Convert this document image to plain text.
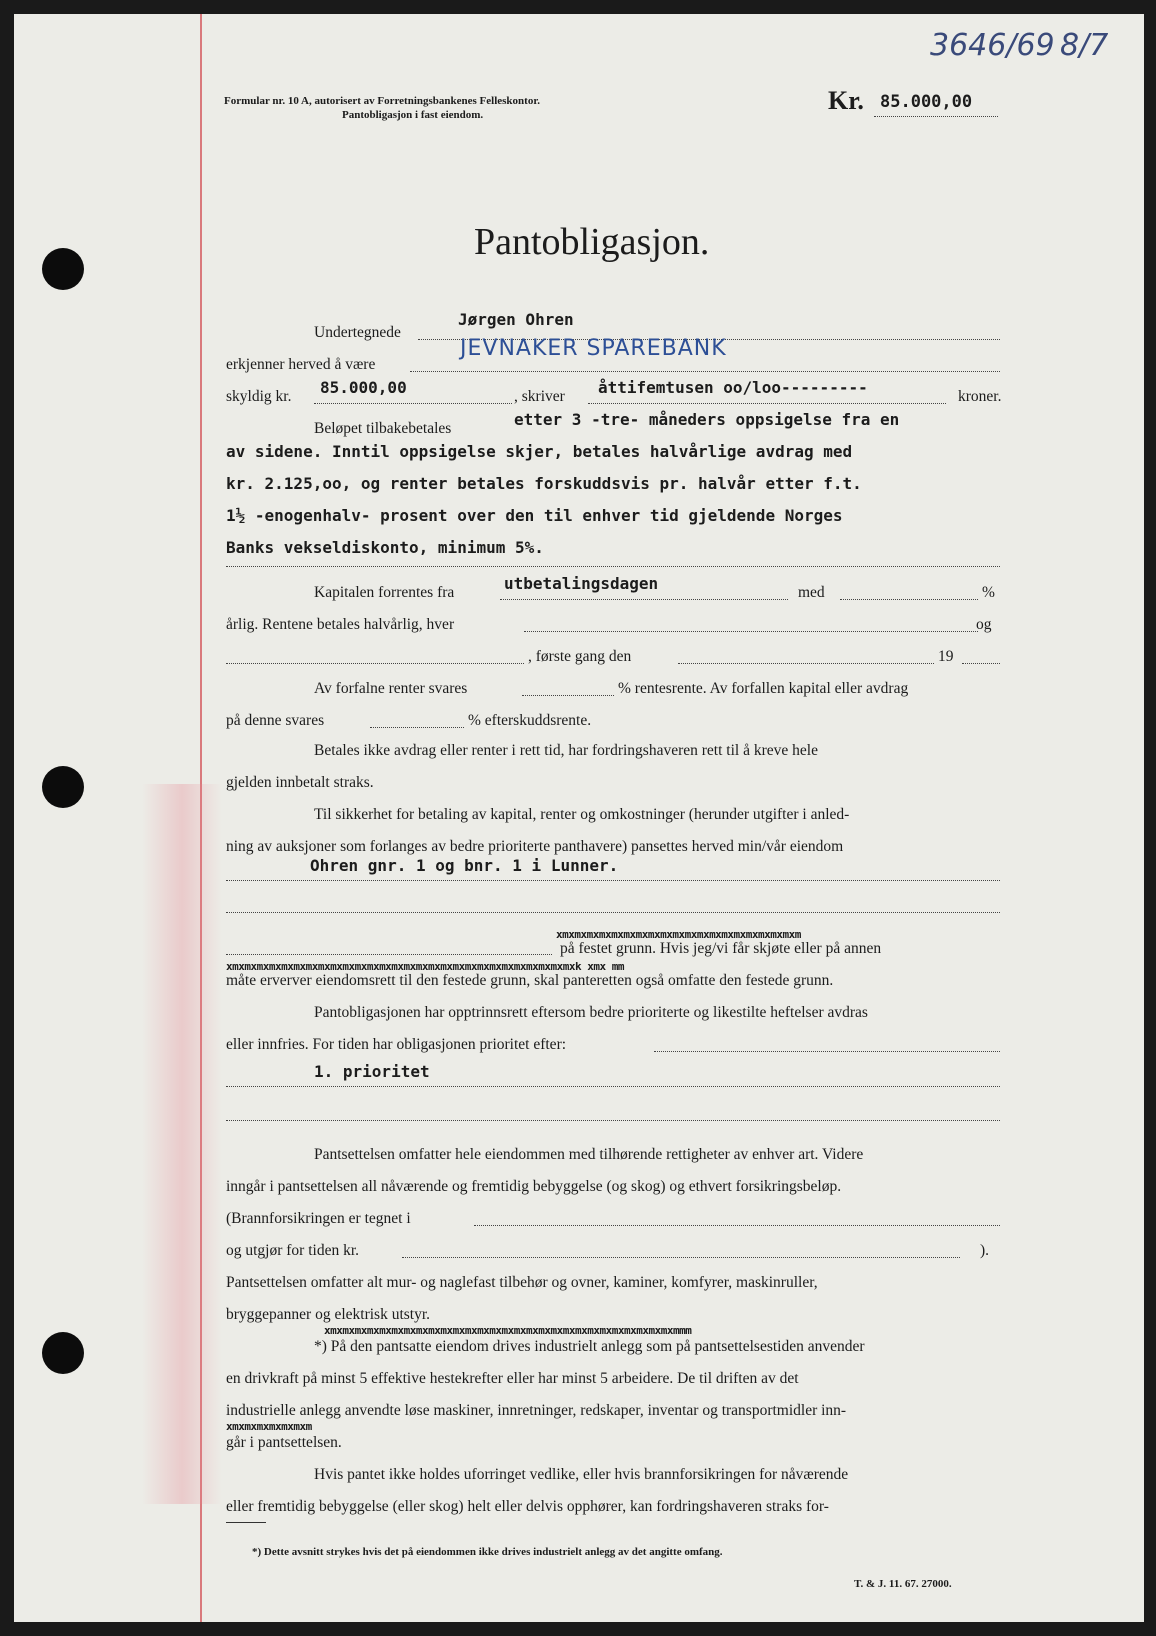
3646/69 8/7
Formular nr. 10 A, autorisert av Forretningsbankenes Felleskontor.
Pantobligasjon i fast eiendom.	Kr. 85.000,00
Pantobligasjon.
Undertegnede
Jørgen Ohren
erkjenner herved å være
JEVNAKER SPAREBANK
skyldig kr. 85.000,00	, skriver åttifemtusen oo/loo---------	kroner.
Beløpet tilbakebetales	etter 3 -tre- måneders oppsigelse fra en
av sidene. Inntil oppsigelse skjer, betales halvårlige avdrag med
kr. 2.125,oo, og renter betales forskuddsvis pr. halvår etter f.t.
1½ -enogenhalv- prosent over den til enhver tid gjeldende Norges
Banks vekseldiskonto, minimum 5%.
Kapitalen forrentes fra	utbetalingsdagen	med	%
årlig. Rentene betales halvårlig, hver	og
, første gang den	19
Av forfalne renter svares	% rentesrente. Av forfallen kapital eller avdrag
på denne svares	% efterskuddsrente.
Betales ikke avdrag eller renter i rett tid, har fordringshaveren rett til å kreve hele
gjelden innbetalt straks.
Til sikkerhet for betaling av kapital, renter og omkostninger (herunder utgifter i anled-
ning av auksjoner som forlanges av bedre prioriterte panthavere) pansettes herved min/vår eiendom
Ohren gnr. 1 og bnr. 1 i Lunner.
xmxmxmxmxmxmxmxmxmxmxmxmxmxmxmxmxmxmxmxm
på festet grunn. Hvis jeg/vi får skjøte eller på annen
xmxmxmxmxmxmxmxmxmxmxmxmxmxmxmxmxmxmxmxmxmxmxmxmxmxmxmxmxk xmx mm
måte erverver eiendomsrett til den festede grunn, skal panteretten også omfatte den festede grunn.
Pantobligasjonen har opptrinnsrett eftersom bedre prioriterte og likestilte heftelser avdras
eller innfries. For tiden har obligasjonen prioritet efter:
1. prioritet
Pantsettelsen omfatter hele eiendommen med tilhørende rettigheter av enhver art. Videre
inngår i pantsettelsen all nåværende og fremtidig bebyggelse (og skog) og ethvert forsikringsbeløp.
(Brannforsikringen er tegnet i
og utgjør for tiden kr.	).
Pantsettelsen omfatter alt mur- og naglefast tilbehør og ovner, kaminer, komfyrer, maskinruller,
bryggepanner og elektrisk utstyr.
xmxmxmxmxmxmxmxmxmxmxmxmxmxmxmxmxmxmxmxmxmxmxmxmxmxmxmxmxmmm
*) På den pantsatte eiendom drives industrielt anlegg som på pantsettelsestiden anvender
en drivkraft på minst 5 effektive hestekrefter eller har minst 5 arbeidere. De til driften av det
industrielle anlegg anvendte løse maskiner, innretninger, redskaper, inventar og transportmidler inn-
xmxmxmxmxmxmxm
går i pantsettelsen.
Hvis pantet ikke holdes uforringet vedlike, eller hvis brannforsikringen for nåværende
eller fremtidig bebyggelse (eller skog) helt eller delvis opphører, kan fordringshaveren straks for-
*) Dette avsnitt strykes hvis det på eiendommen ikke drives industrielt anlegg av det angitte omfang.
T. & J. 11. 67. 27000.
